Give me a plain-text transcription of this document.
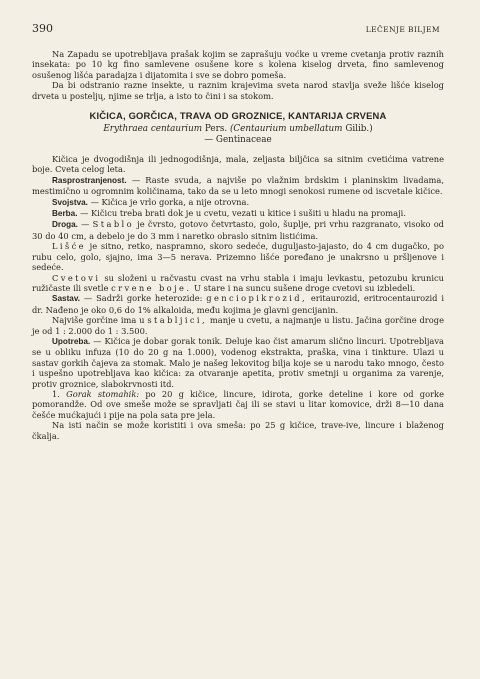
390	LEČENJE BILJEM

Na Zapadu se upotrebljava prašak kojim se zaprašuju voćke u vreme cvetanja protiv raznih insekata: po 10 kg fino samlevene osušene kore s kolena kiselog drveta, fino samlevenog osušenog lišća paradajza i dijatomita i sve se dobro pomeša.

Da bi odstranio razne insekte, u raznim krajevima sveta narod stavlja sveže lišće kiselog drveta u posteljų, njime se trlja, a isto to čini i sa stokom.

KIČICA, GORČICA, TRAVA OD GROZNICE, KANTARIJA CRVENA
Erythraea centaurium Pers. (Centaurium umbellatum Gilib.)
— Gentinaceae

Kičica je dvogodišnja ili jednogodišnja, mala, zeljasta biljčica sa sitnim cvetićima vatrene boje. Cveta celog leta.

Rasprostranjenost. — Raste svuda, a najviše po vlažnim brdskim i planinskim livadama, mestimično u ogromnim količinama, tako da se u leto mnogi senokosi rumene od iscvetale kičice.

Svojstva. — Kičica je vrlo gorka, a nije otrovna.

Berba. — Kičicu treba brati dok je u cvetu, vezati u kitice i sušiti u hladu na promaji.

Droga. — Stablo je čvrsto, gotovo četvrtasto, golo, šuplje, pri vrhu razgranato, visoko od 30 do 40 cm, a debelo je do 3 mm i naretko obraslo sitnim listićima.

Lišće je sitno, retko, naspramno, skoro sedeće, duguljasto-jajasto, do 4 cm dugačko, po rubu celo, golo, sjajno, ima 3—5 nerava. Prizemno lišće poređano je unakrsno u pršljenove i sedeće.

Cvetovi su složeni u račvastu cvast na vrhu stabla i imaju levkastu, petozubu krunicu ružičaste ili svetle crvene boje. U stare i na suncu sušene droge cvetovi su izbledeli.

Sastav. — Sadrži gorke heterozide: genciopikrozid, eritaurozid, eritrocentaurozid i dr. Nađeno je oko 0,6 do 1% alkaloida, među kojima je glavni gencijanin.

Najviše gorčine ima u stabljici, manje u cvetu, a najmanje u listu. Jačina gorčine droge je od 1 : 2.000 do 1 : 3.500.

Upotreba. — Kičica je dobar gorak tonik. Deluje kao čist amarum slično lincuri. Upotrebljava se u obliku infuza (10 do 20 g na 1.000), vodenog ekstrakta, praška, vina i tinkture. Ulazi u sastav gorkih čajeva za stomak. Malo je našeg lekovitog bilja koje se u narodu tako mnogo, često i uspešno upotrebljava kao kičica: za otvaranje apetita, protiv smetnji u organima za varenje, protiv groznice, slabokrvnosti itd.

1. Gorak stomahik: po 20 g kičice, lincure, idirota, gorke deteline i kore od gorke pomorandže. Od ove smeše može se spravljati čaj ili se stavi u litar komovice, drži 8—10 dana češće mućkajući i pije na pola sata pre jela.

Na isti način se može koristiti i ova smeša: po 25 g kičice, trave-ive, lincure i blaženog čkalja.
